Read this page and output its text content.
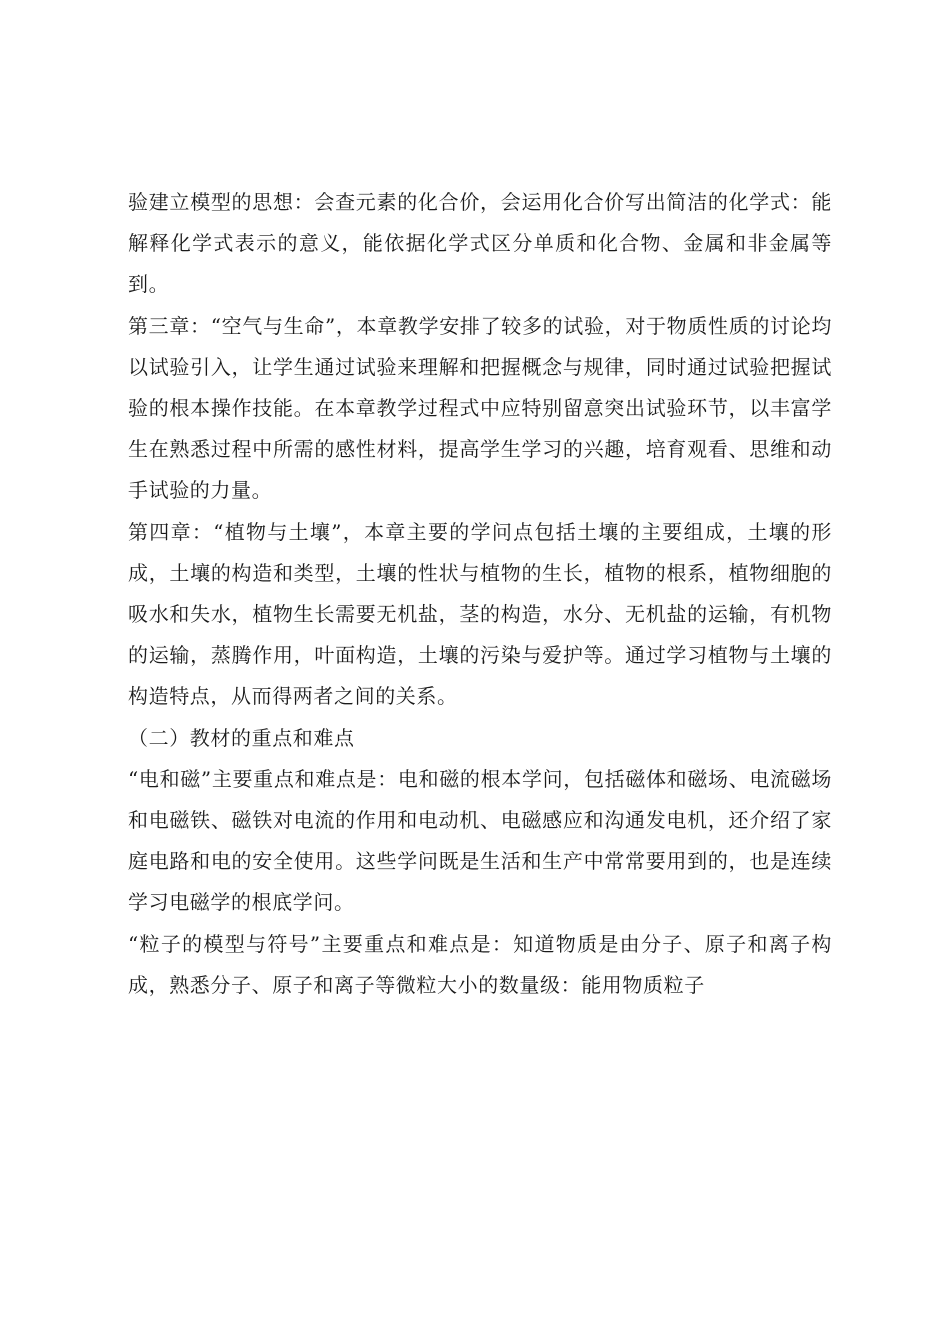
验建立模型的思想：会查元素的化合价，会运用化合价写出简洁的化学式：能解释化学式表示的意义，能依据化学式区分单质和化合物、金属和非金属等到。

第三章：“空气与生命”，本章教学安排了较多的试验，对于物质性质的讨论均以试验引入，让学生通过试验来理解和把握概念与规律，同时通过试验把握试验的根本操作技能。在本章教学过程式中应特别留意突出试验环节，以丰富学生在熟悉过程中所需的感性材料，提高学生学习的兴趣，培育观看、思维和动手试验的力量。

第四章：“植物与土壤”，本章主要的学问点包括土壤的主要组成，土壤的形成，土壤的构造和类型，土壤的性状与植物的生长，植物的根系，植物细胞的吸水和失水，植物生长需要无机盐，茎的构造，水分、无机盐的运输，有机物的运输，蒸腾作用，叶面构造，土壤的污染与爱护等。通过学习植物与土壤的构造特点，从而得两者之间的关系。

（二）教材的重点和难点

“电和磁”主要重点和难点是：电和磁的根本学问，包括磁体和磁场、电流磁场和电磁铁、磁铁对电流的作用和电动机、电磁感应和沟通发电机，还介绍了家庭电路和电的安全使用。这些学问既是生活和生产中常常要用到的，也是连续学习电磁学的根底学问。

“粒子的模型与符号”主要重点和难点是：知道物质是由分子、原子和离子构成，熟悉分子、原子和离子等微粒大小的数量级：能用物质粒子
